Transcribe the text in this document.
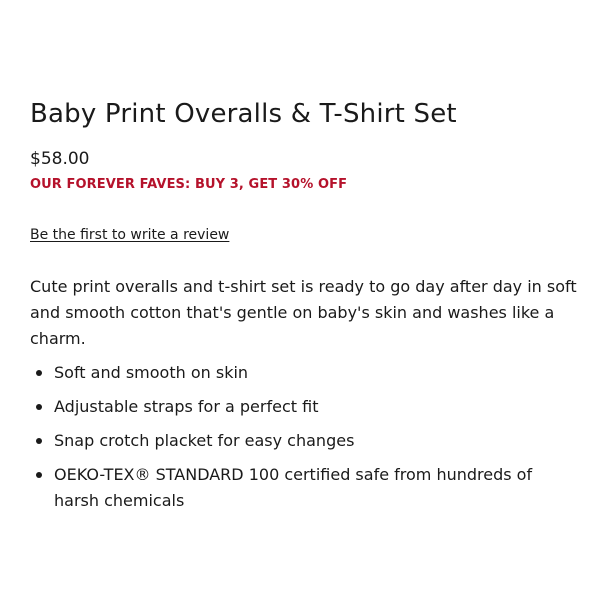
Baby Print Overalls & T-Shirt Set
$58.00
OUR FOREVER FAVES: BUY 3, GET 30% OFF
Be the first to write a review

Cute print overalls and t-shirt set is ready to go day after day in soft and smooth cotton that's gentle on baby's skin and washes like a charm.

Soft and smooth on skin
Adjustable straps for a perfect fit
Snap crotch placket for easy changes
OEKO-TEX® STANDARD 100 certified safe from hundreds of harsh chemicals
